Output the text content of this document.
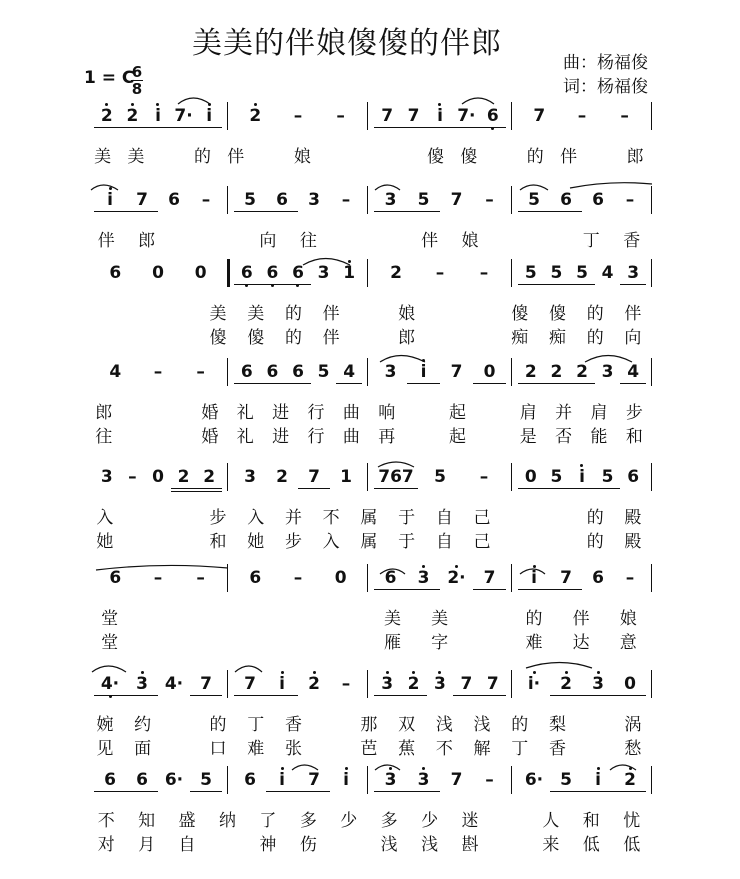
美美的伴娘傻傻的伴郎
曲：杨福俊
词：杨福俊
1 = C
6
8
2 2 i 7· i	2	–	–	7 7	i 7· 6	7	–	–
美 美	的 伴	娘	傻 傻	的 伴	郎
i	7	6	–	5	6	3	–	3	5	7	–	5	6	6	–
伴	郎	向	往	伴	娘	丁	香
6	0	0	6 6 6 3 1	2	–	–	5 5 5 4 3
美	美	的	伴	娘	傻	傻	的	伴
傻	傻	的	伴	郎	痴	痴	的	向
4	–	–	6 6 6 5 4	3	i	7	0	2 2 2 3 4
郎	婚	礼	进	行	曲	响	起	肩	并	肩	步
往	婚	礼	进	行	曲	再	起	是	否	能	和
3 – 0 2 2	3	2	7	1	767	5	–	0 5 i 5 6
入	步	入	并	不	属	于	自	己	的	殿
她	和	她	步	入	属	于	自	己	的	殿
6	–	–	6	–	0	6	3	2·	7	i	7	6	–
堂	美	美	的	伴	娘
堂	雁	字	难	达	意
4· 3 4· 7	7	i	2	–	3 2 3 7 7	i·	2	3	0
婉	约	的	丁	香	那	双	浅	浅	的	梨	涡
见	面	口	难	张	芭	蕉	不	解	丁	香	愁
6	6 6· 5	6	i	7	i	3	3	7	–	6· 5	i	2
不	知	盛	纳	了	多	少	多	少	迷	人	和	忧
对	月	自	神	伤	浅	浅	斟	来	低	低
